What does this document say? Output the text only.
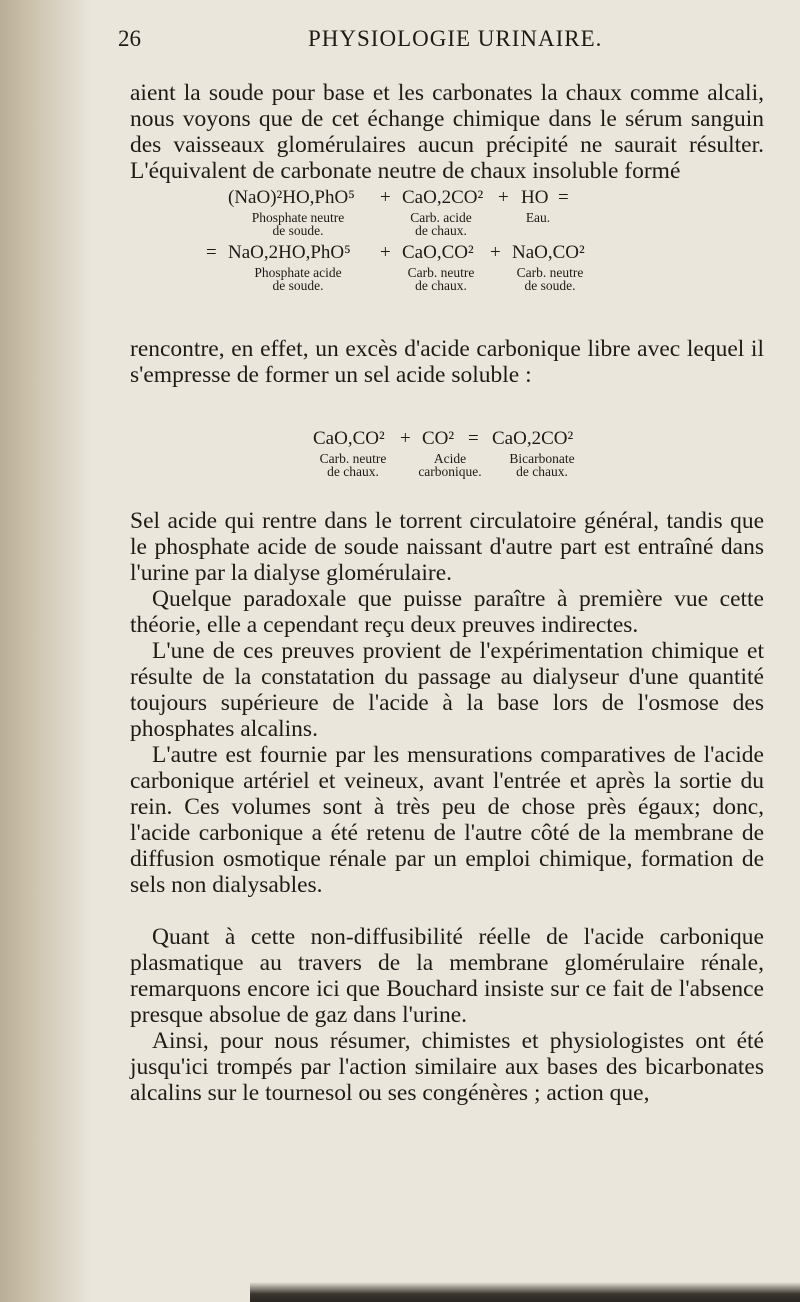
26	PHYSIOLOGIE URINAIRE.
aient la soude pour base et les carbonates la chaux comme alcali, nous voyons que de cet échange chimique dans le sérum sanguin des vaisseaux glomérulaires aucun précipité ne saurait résulter. L'équivalent de carbonate neutre de chaux insoluble formé
(NaO)²HO,PhO⁵ + CaO,2CO² + HO =
Phosphate neutre
de soude.
Carb. acide
de chaux.
Eau.
= NaO,2HO,PhO⁵ + CaO,CO² + NaO,CO²
Phosphate acide
de soude.
Carb. neutre
de chaux.
Carb. neutre
de soude.
rencontre, en effet, un excès d'acide carbonique libre avec lequel il s'empresse de former un sel acide soluble :
CaO,CO² + CO² = CaO,2CO²
Carb. neutre
de chaux.
Acide
carbonique.
Bicarbonate
de chaux.
Sel acide qui rentre dans le torrent circulatoire général, tandis que le phosphate acide de soude naissant d'autre part est entraîné dans l'urine par la dialyse glomérulaire.
Quelque paradoxale que puisse paraître à première vue cette théorie, elle a cependant reçu deux preuves indirectes.
L'une de ces preuves provient de l'expérimentation chimique et résulte de la constatation du passage au dialyseur d'une quantité toujours supérieure de l'acide à la base lors de l'osmose des phosphates alcalins.
L'autre est fournie par les mensurations comparatives de l'acide carbonique artériel et veineux, avant l'entrée et après la sortie du rein. Ces volumes sont à très peu de chose près égaux; donc, l'acide carbonique a été retenu de l'autre côté de la membrane de diffusion osmotique rénale par un emploi chimique, formation de sels non dialysables.
Quant à cette non-diffusibilité réelle de l'acide carbonique plasmatique au travers de la membrane glomérulaire rénale, remarquons encore ici que Bouchard insiste sur ce fait de l'absence presque absolue de gaz dans l'urine.
Ainsi, pour nous résumer, chimistes et physiologistes ont été jusqu'ici trompés par l'action similaire aux bases des bicarbonates alcalins sur le tournesol ou ses congénères ; action que,
